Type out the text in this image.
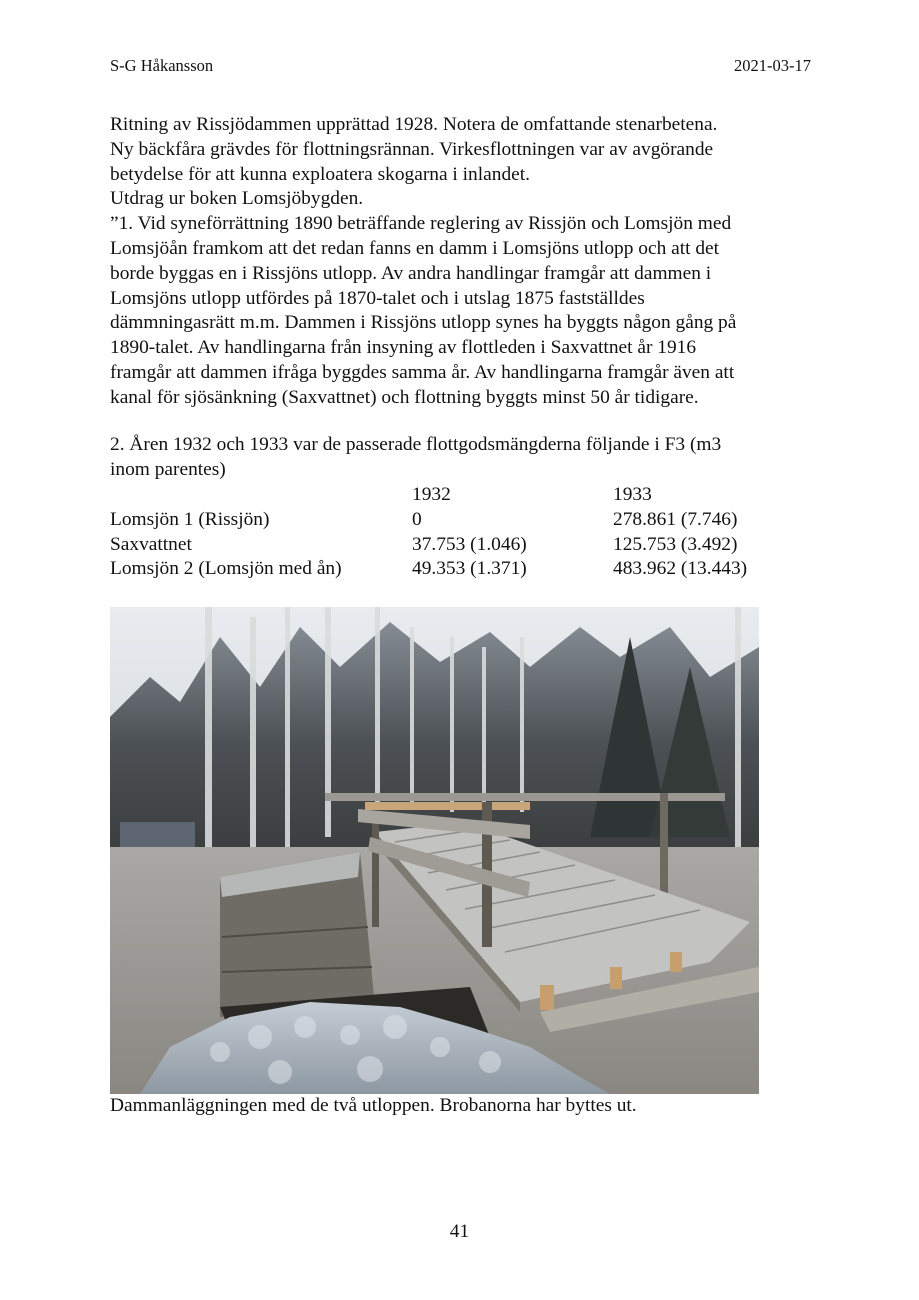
S-G Håkansson	2021-03-17
Ritning av Rissjödammen upprättad 1928. Notera de omfattande stenarbetena.
Ny bäckfåra grävdes för flottningsrännan. Virkesflottningen var av avgörande
betydelse för att kunna exploatera skogarna i inlandet.
Utdrag ur boken Lomsjöbygden.
”1. Vid syneförrättning 1890 beträffande reglering av Rissjön och Lomsjön med
Lomsjöån framkom att det redan fanns en damm i Lomsjöns utlopp och att det
borde byggas en i Rissjöns utlopp. Av andra handlingar framgår att dammen i
Lomsjöns utlopp utfördes på 1870-talet och i utslag 1875 fastställdes
dämmningasrätt m.m. Dammen i Rissjöns utlopp synes ha byggts någon gång på
1890-talet. Av handlingarna från insyning av flottleden i Saxvattnet år 1916
framgår att dammen ifråga byggdes samma år. Av handlingarna framgår även att
kanal för sjösänkning (Saxvattnet) och flottning byggts minst 50 år tidigare.
2. Åren 1932 och 1933 var de passerade flottgodsmängderna följande i F3 (m3
inom parentes)
	1932	1933
Lomsjön 1 (Rissjön)	0	278.861 (7.746)
Saxvattnet	37.753 (1.046)	125.753 (3.492)
Lomsjön 2 (Lomsjön med ån)	49.353 (1.371)	483.962 (13.443)
Dammanläggningen med de två utloppen. Brobanorna har byttes ut.
41
